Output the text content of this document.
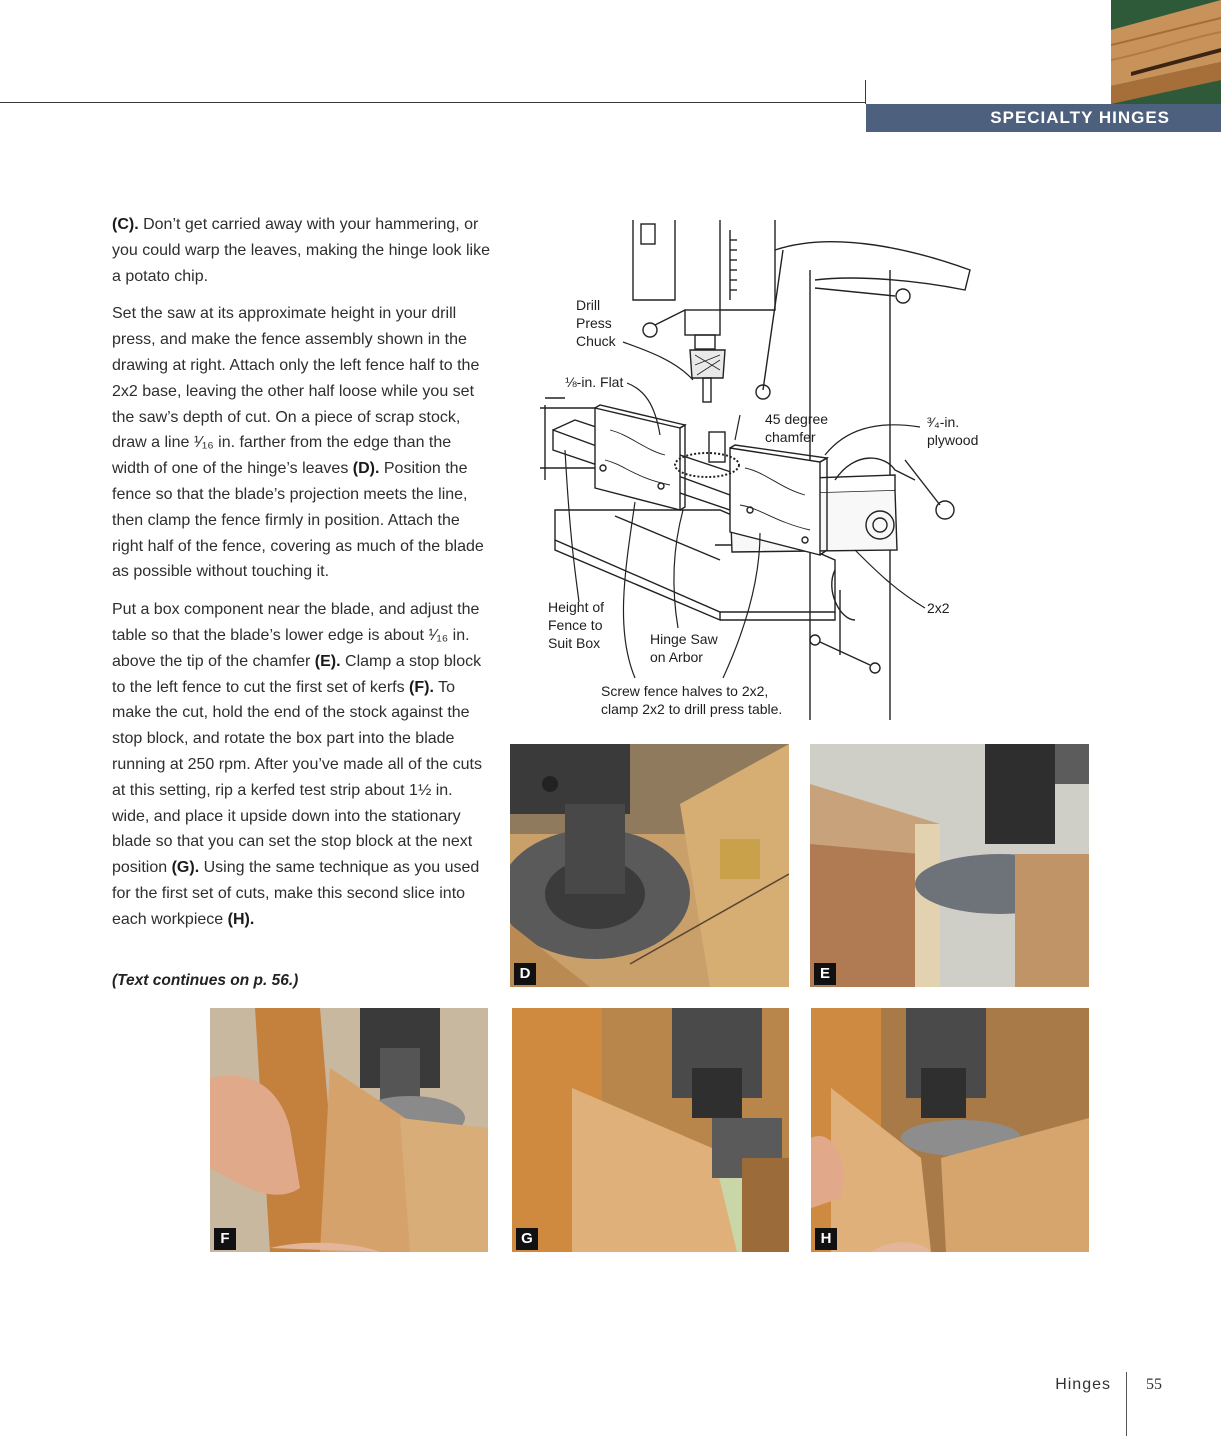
SPECIALTY HINGES

(C). Don’t get carried away with your hammering, or you could warp the leaves, making the hinge look like a potato chip.

Set the saw at its approximate height in your drill press, and make the fence assembly shown in the drawing at right. Attach only the left fence half to the 2x2 base, leaving the other half loose while you set the saw’s depth of cut. On a piece of scrap stock, draw a line ¹⁄₁₆ in. farther from the edge than the width of one of the hinge’s leaves (D). Position the fence so that the blade’s projection meets the line, then clamp the fence firmly in position. Attach the right half of the fence, covering as much of the blade as possible without touching it.

Put a box component near the blade, and adjust the table so that the blade’s lower edge is about ¹⁄₁₆ in. above the tip of the chamfer (E). Clamp a stop block to the left fence to cut the first set of kerfs (F). To make the cut, hold the end of the stock against the stop block, and rotate the box part into the blade running at 250 rpm. After you’ve made all of the cuts at this setting, rip a kerfed test strip about 1½ in. wide, and place it upside down into the stationary blade so that you can set the stop block at the next position (G). Using the same technique as you used for the first set of cuts, make this second slice into each workpiece (H).

(Text continues on p. 56.)
Drill
Press
Chuck
⅛-in. Flat
45 degree
chamfer
³⁄₄-in.
plywood
Height of
Fence to
Suit Box	Hinge Saw
on Arbor
2x2
Screw fence halves to 2x2,
clamp 2x2 to drill press table.
D	E
F	G	H
Hinges 55
